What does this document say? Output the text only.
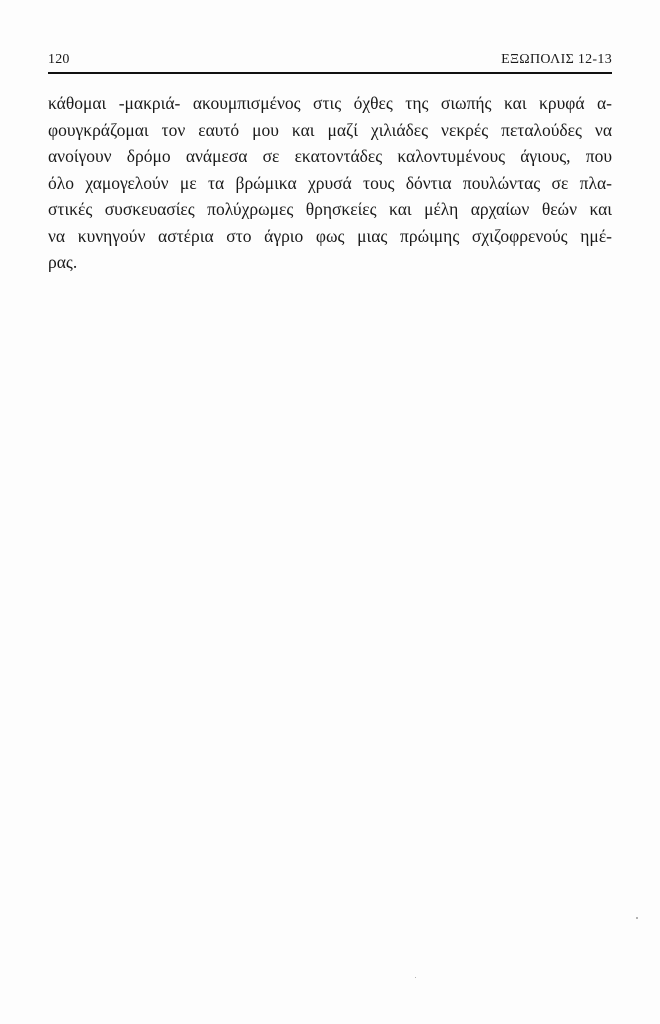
120	ΕΞΩΠΟΛΙΣ 12-13
κάθομαι -μακριά- ακουμπισμένος στις όχθες της σιωπής και κρυφά α-
φουγκράζομαι τον εαυτό μου και μαζί χιλιάδες νεκρές πεταλούδες να
ανοίγουν δρόμο ανάμεσα σε εκατοντάδες καλοντυμένους άγιους, που
όλο χαμογελούν με τα βρώμικα χρυσά τους δόντια πουλώντας σε πλα-
στικές συσκευασίες πολύχρωμες θρησκείες και μέλη αρχαίων θεών και
να κυνηγούν αστέρια στο άγριο φως μιας πρώιμης σχιζοφρενούς ημέ-
ρας.
